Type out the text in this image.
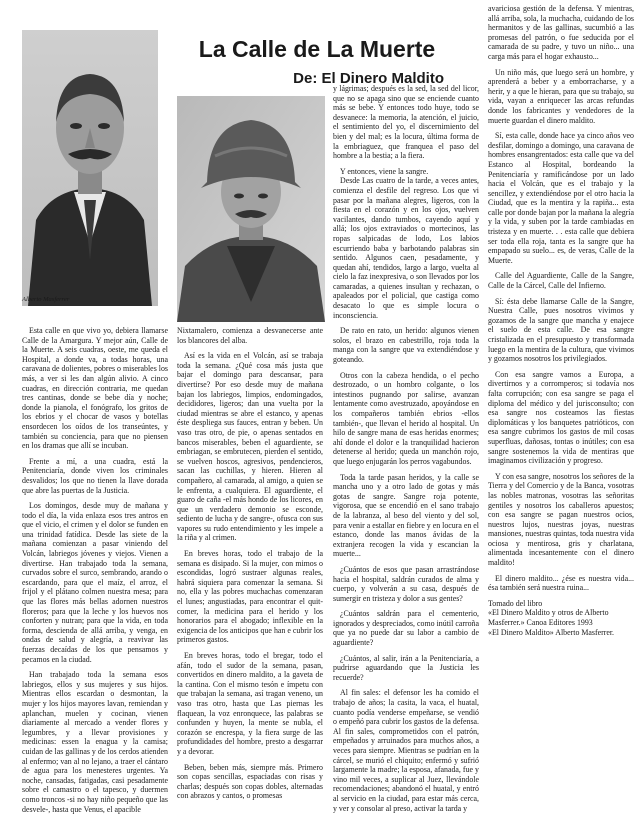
La Calle de La Muerte
De: El Dinero Maldito
Alberto Masferrer

Esta calle en que vivo yo, debiera llamarse Calle de la Amargura. Y mejor aún, Calle de la Muerte. A seis cuadras, oeste, me queda el Hospital, a donde va, a todas horas, una caravana de dolientes, pobres o miserables los más, a ver si les dan algún alivio. A cinco cuadras, en dirección contraria, me quedan tres cantinas, donde se bebe día y noche; donde la pianola, el fonógrafo, los gritos de los ebrios y el chocar de vasos y botellas ensordecen los oídos de los transeúntes, y también su conciencia, para que no piensen en los dramas que allí se incuban.

Frente a mí, a una cuadra, está la Penitenciaría, donde viven los criminales desvalidos; los que no tienen la llave dorada que abre las puertas de la Justicia.

Los domingos, desde muy de mañana y todo el día, la vida enlaza esos tres antros en que el vicio, el crimen y el dolor se funden en una trinidad fatídica. Desde las siete de la mañana comienzan a pasar viniendo del Volcán, labriegos jóvenes y viejos. Vienen a divertirse. Han trabajado toda la semana, curvados sobre el surco, sembrando, arando o escardando, para que el maíz, el arroz, el frijol y el plátano colmen nuestra mesa; para que las flores más bellas adornen nuestros floreros; para que la leche y los huevos nos conforten y nutran; para que la vida, en toda forma, descienda de allá arriba, y venga, en ondas de salud y alegría, a reavivar las fuerzas decaídas de los que pensamos y pecamos en la ciudad.

Han trabajado toda la semana esos labriegos, ellos y sus mujeres y sus hijos. Mientras ellos escardan o desmontan, la mujer y los hijos mayores lavan, remiendan y aplanchan, muelen y cocinan, vienen diariamente al mercado a vender flores y legumbres, y a llevar provisiones y medicinas: essen la enagua y la camisa; cuidan de las gallinas y de los cerdos atienden al enfermo; van al no lejano, a traer el cántaro de agua para los menesteres urgentes. Ya noche, cansadas, fatigadas, casi pesadamente sobre el camastro o el tapesco, y duermen como troncos -si no hay niño pequeño que las desvele-, hasta que Venus, el apacible

Nixtamalero, comienza a desvanecerse ante los blancores del alba.

Así es la vida en el Volcán, así se trabaja toda la semana. ¿Qué cosa más justa que bajar el domingo para descansar, para divertirse? Por eso desde muy de mañana bajan los labriegos, limpios, endomingados, decididores, ligeros; dan una vuelta por la ciudad mientras se abre el estanco, y apenas éste despliega sus fauces, entran y beben. Un vaso tras otro, de pie, o apenas sentados en bancos miserables, beben el aguardiente, se embriagan, se embrutecen, pierden el sentido, se vuelven hoscos, agresivos, pendencieros, sacan las cuchillas, y hieren. Hieren al compañero, al camarada, al amigo, a quien se le enfrenta, a cualquiera. El aguardiente, el guaro de caña -el más hondo de los licores, en que un verdadero demonio se esconde, sediento de lucha y de sangre-, ofusca con sus vapores su rudo entendimiento y les impele a la riña y al crimen.

En breves horas, todo el trabajo de la semana es disipado. Si la mujer, con mimos o escondidas, logró sustraer algunas reales, habrá siquiera para comenzar la semana. Si no, ella y las pobres muchachas comenzaran el lunes; angustiadas, para encontrar el quit-comer, la medicina para el herido y los honorarios para el abogado; inflexible en la exigencia de los anticipos que han e cubrir los primeros gastos.

En breves horas, todo el bregar, todo el afán, todo el sudor de la semana, pasan, convertidos en dinero maldito, a la gaveta de la cantina. Con el mismo tesón e ímpetu con que trabajan la semana, así tragan veneno, un vaso tras otro, hasta que Las piernas les flaquean, la voz enronquece, las palabras se confunden y huyen, la mente se nubla, el corazón se encrespa, y la fiera surge de las profundidades del hombre, presto a desgarrar y a devorar.

Beben, beben más, siempre más. Primero son copas sencillas, espaciadas con risas y charlas; después son copas dobles, alternadas con abrazos y cantos, o promesas

y lágrimas; después es la sed, la sed del licor, que no se apaga sino que se enciende cuanto más se bebe. Y entonces todo huye, todo se desvanece: la memoria, la atención, el juicio, el sentimiento del yo, el discernimiento del bien y del mal; es la locura, última forma de la embriaguez, que franquea el paso del hombre a la bestia; a la fiera.

Y entonces, viene la sangre.

Desde Las cuatro de la tarde, a veces antes, comienza el desfile del regreso. Los que vi pasar por la mañana alegres, ligeros, con la fiesta en el corazón y en los ojos, vuelven vacilantes, dando tumbos, cayendo aquí y allá; los ojos extraviados o mortecinos, las ropas salpicadas de lodo, Los labios escurriendo baba y barbotando palabras sin sentido. Algunos caen, pesadamente, y quedan ahí, tendidos, largo a largo, vuelta al cielo la faz inexpresiva, o son llevados por los camaradas, a quienes insultan y rechazan, o apaleados por el policial, que castiga como desacato lo que es simple locura o inconsciencia.

De rato en rato, un herido: algunos vienen solos, el brazo en cabestrillo, roja toda la manga con la sangre que va extendiéndose y goteando.

Otros con la cabeza hendida, o el pecho destrozado, o un hombro colgante, o los intestinos pugnando por salirse, avanzan lentamente como avestruzado, apoyándose en los compañeros también ebrios -ellos también-, que llevan el herido al hospital. Un hilo de sangre mana de esas heridas enormes; ahí donde el dolor e la tranquilidad hacieron detenerse al herido; queda un manchón rojo, que luego enjugarán los perros vagabundos.

Toda la tarde pasan heridos, y la calle se mancha uno y a otro lado de gotas y más gotas de sangre. Sangre roja potente, vigorosa, que se encendió en el sano trabajo de la labranza, al beso del viento y del sol, para venir a estallar en fiebre y en locura en el estanco, donde las manos ávidas de la extranjera recogen la vida y escancian la muerte...

¿Cuántos de esos que pasan arrastrándose hacia el hospital, saldrán curados de alma y cuerpo, y volverán a su casa, después de sumergir en tristeza y dolor a sus gentes?

¿Cuántos saldrán para el cementerio, ignorados y despreciados, como inútil carroña que ya no puede dar su labor a cambio de aguardiente?

¿Cuántos, al salir, irán a la Penitenciaría, a pudrirse aguardando que la Justicia les recuerde?

Al fin sales: el defensor les ha comido el trabajo de años; la casita, la vaca, el huatal, cuanto podía venderse empeñarse, se vendió o empeñó para cubrir los gastos de la defensa. Al fin sales, comprometidos con el patrón, empeñados y arruinados para muchos años, a veces para siempre. Mientras se pudrían en la cárcel, se murió el chiquito; enfermó y sufrió largamente la madre; la esposa, afanada, fue y vino mil veces, a suplicar al Juez, llevándole recomendaciones; abandonó el huatal, y entró al servicio en la ciudad, para estar más cerca, y ver y consolar al preso, activar la tarda y

avariciosa gestión de la defensa. Y mientras, allá arriba, sola, la muchacha, cuidando de los hermanitos y de las gallinas, sucumbió a las promesas del patrón, o fue seducida por el camarada de su padre, y tuvo un niño... una carga más para el hogar exhausto...

Un niño más, que luego será un hombre, y aprenderá a beber y a emborracharse, y a herir, y a que le hieran, para que su trabajo, su vida, vayan a enriquecer las arcas refundas donde los fabricantes y vendedores de la muerte guardan el dinero maldito.

Sí, esta calle, donde hace ya cinco años veo desfilar, domingo a domingo, una caravana de hombres ensangrentados: esta calle que va del Estanco al Hospital, bordeando la Penitenciaría y ramificándose por un lado hacia el Volcán, que es el trabajo y la sencillez, y extendiéndose por el otro hacia la Ciudad, que es la mentira y la rapiña... esta calle por donde bajan por la mañana la alegría y la vida, y suben por la tarde cambiadas en tristeza y en muerte. . . esta calle que debiera ser toda ella roja, tanta es la sangre que ha empapado su suelo... es, de veras, Calle de la Muerte.

Calle del Aguardiente, Calle de la Sangre, Calle de la Cárcel, Calle del Infierno.

Sí: ésta debe llamarse Calle de la Sangre, Nuestra Calle, pues nosotros vivimos y gozamos de la sangre que mancha y enajece el suelo de esta calle. De esa sangre cristalizada en el presupuesto y transformada luego en la mentira de la cultura, que vivimos y gozamos nosotros los privilegiados.

Con esa sangre vamos a Europa, a divertirnos y a corromperos; si todavía nos falta corrupción; con esa sangre se paga el diploma del médico y del jurisconsulto; con esa sangre nos costeamos las fiestas diplomáticas y los banquetes patrióticos, con esa sangre cubrimos los gastos de mil cosas superfluas, dañosas, tontas o inútiles; con esa sangre sostenemos la vida de mentiras que imaginamos civilización y progreso.

Y con esa sangre, nosotros los señores de la Tierra y del Comercio y de la Banca, vosotras las nobles matronas, vosotras las señoritas gentiles y nosotros los caballeros apuestos; con esa sangre se pagan nuestros ocios, nuestros lujos, nuestras joyas, nuestras mansiones, nuestras quintas, toda nuestra vida ociosa y mentirosa, gris y charlatana, alimentada incesantemente con el dinero maldito!

El dinero maldito... ¿ése es nuestra vida... ésa también será nuestra ruina...

Tomado del libro
«El Dinero Maldito y otros de Alberto
Masferrer.» Canoa Editores 1993
«El Dinero Maldito» Alberto Masferrer.
